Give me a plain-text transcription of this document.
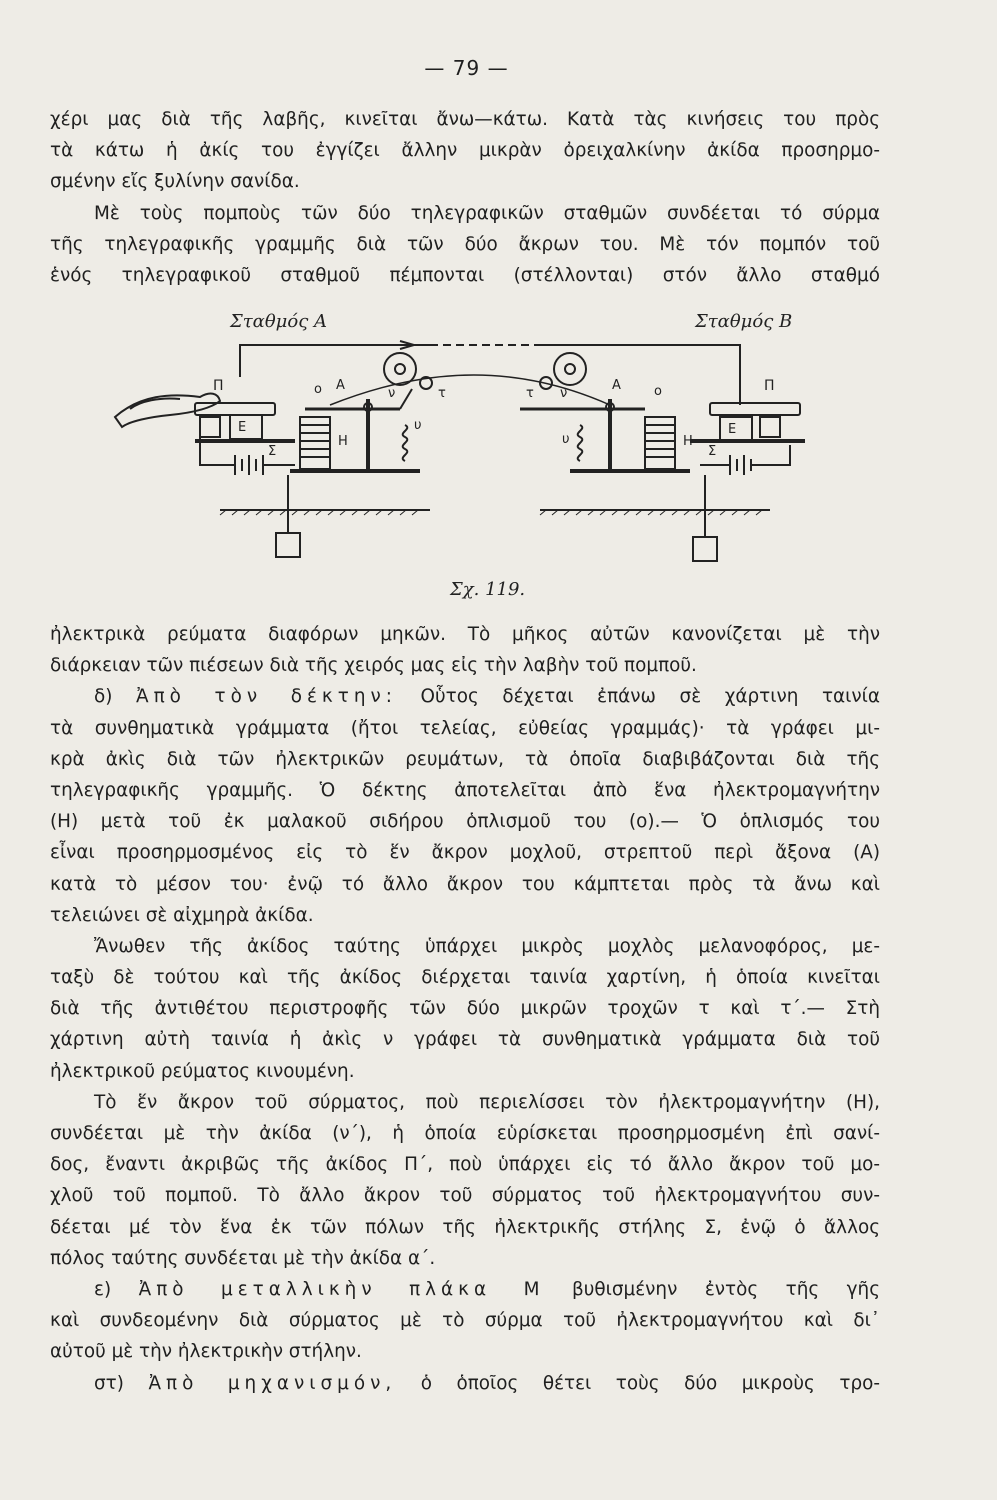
— 79 —
χέρι μας διὰ τῆς λαβῆς, κινεῖται ἄνω—κάτω. Κατὰ τὰς κινήσεις του πρὸς
τὰ κάτω ἡ ἀκίς του ἐγγίζει ἄλλην μικρὰν ὀρειχαλκίνην ἀκίδα προσηρμο-
σμένην εἴς ξυλίνην σανίδα.
Μὲ τοὺς πομποὺς τῶν δύο τηλεγραφικῶν σταθμῶν συνδέεται τό σύρμα
τῆς τηλεγραφικῆς γραμμῆς διὰ τῶν δύο ἄκρων του. Μὲ τόν πομπόν τοῦ
ἑνός τηλεγραφικοῦ σταθμοῦ πέμπονται (στέλλονται) στόν ἄλλο σταθμό
Σταθμός Α	Σταθμός Β
Π
Ε
Σ
ο Α
Η
ν	τ
υ
τ
Α	ο
ν
υ	Η
Π
Ε
Σ
Σχ. 119.
ἠλεκτρικὰ ρεύματα διαφόρων μηκῶν. Τὸ μῆκος αὐτῶν κανονίζεται μὲ τὴν
διάρκειαν τῶν πιέσεων διὰ τῆς χειρός μας εἰς τὴν λαβὴν τοῦ πομποῦ.
δ) Ἀπὸ τὸν δέκτην: Οὗτος δέχεται ἐπάνω σὲ χάρτινη ταινία
τὰ συνθηματικὰ γράμματα (ἤτοι τελείας, εὐθείας γραμμάς)· τὰ γράφει μι-
κρὰ ἀκὶς διὰ τῶν ἠλεκτρικῶν ρευμάτων, τὰ ὁποῖα διαβιβάζονται διὰ τῆς
τηλεγραφικῆς γραμμῆς. Ὁ δέκτης ἀποτελεῖται ἀπὸ ἕνα ἠλεκτρομαγνήτην
(Η) μετὰ τοῦ ἐκ μαλακοῦ σιδήρου ὁπλισμοῦ του (ο).— Ὁ ὁπλισμός του
εἶναι προσηρμοσμένος εἰς τὸ ἕν ἄκρον μοχλοῦ, στρεπτοῦ περὶ ἄξονα (Α)
κατὰ τὸ μέσον του· ἐνῷ τό ἄλλο ἄκρον του κάμπτεται πρὸς τὰ ἄνω καὶ
τελειώνει σὲ αἰχμηρὰ ἀκίδα.
Ἄνωθεν τῆς ἀκίδος ταύτης ὑπάρχει μικρὸς μοχλὸς μελανοφόρος, με-
ταξὺ δὲ τούτου καὶ τῆς ἀκίδος διέρχεται ταινία χαρτίνη, ἡ ὁποία κινεῖται
διὰ τῆς ἀντιθέτου περιστροφῆς τῶν δύο μικρῶν τροχῶν τ καὶ τ΄.— Στὴ
χάρτινη αὐτὴ ταινία ἡ ἀκὶς ν γράφει τὰ συνθηματικὰ γράμματα διὰ τοῦ
ἠλεκτρικοῦ ρεύματος κινουμένη.
Τὸ ἕν ἄκρον τοῦ σύρματος, ποὺ περιελίσσει τὸν ἠλεκτρομαγνήτην (Η),
συνδέεται μὲ τὴν ἀκίδα (ν΄), ἡ ὁποία εὑρίσκεται προσηρμοσμένη ἐπὶ σανί-
δος, ἔναντι ἀκριβῶς τῆς ἀκίδος Π΄, ποὺ ὑπάρχει εἰς τό ἄλλο ἄκρον τοῦ μο-
χλοῦ τοῦ πομποῦ. Τὸ ἄλλο ἄκρον τοῦ σύρματος τοῦ ἠλεκτρομαγνήτου συν-
δέεται μέ τὸν ἕνα ἐκ τῶν πόλων τῆς ἠλεκτρικῆς στήλης Σ, ἐνῷ ὁ ἄλλος
πόλος ταύτης συνδέεται μὲ τὴν ἀκίδα α΄.
ε) Ἀπὸ μεταλλικὴν πλάκα Μ βυθισμένην ἐντὸς τῆς γῆς
καὶ συνδεομένην διὰ σύρματος μὲ τὸ σύρμα τοῦ ἠλεκτρομαγνήτου καὶ δι᾽
αὐτοῦ μὲ τὴν ἠλεκτρικὴν στήλην.
στ) Ἀπὸ μηχανισμόν, ὁ ὁποῖος θέτει τοὺς δύο μικροὺς τρο-
